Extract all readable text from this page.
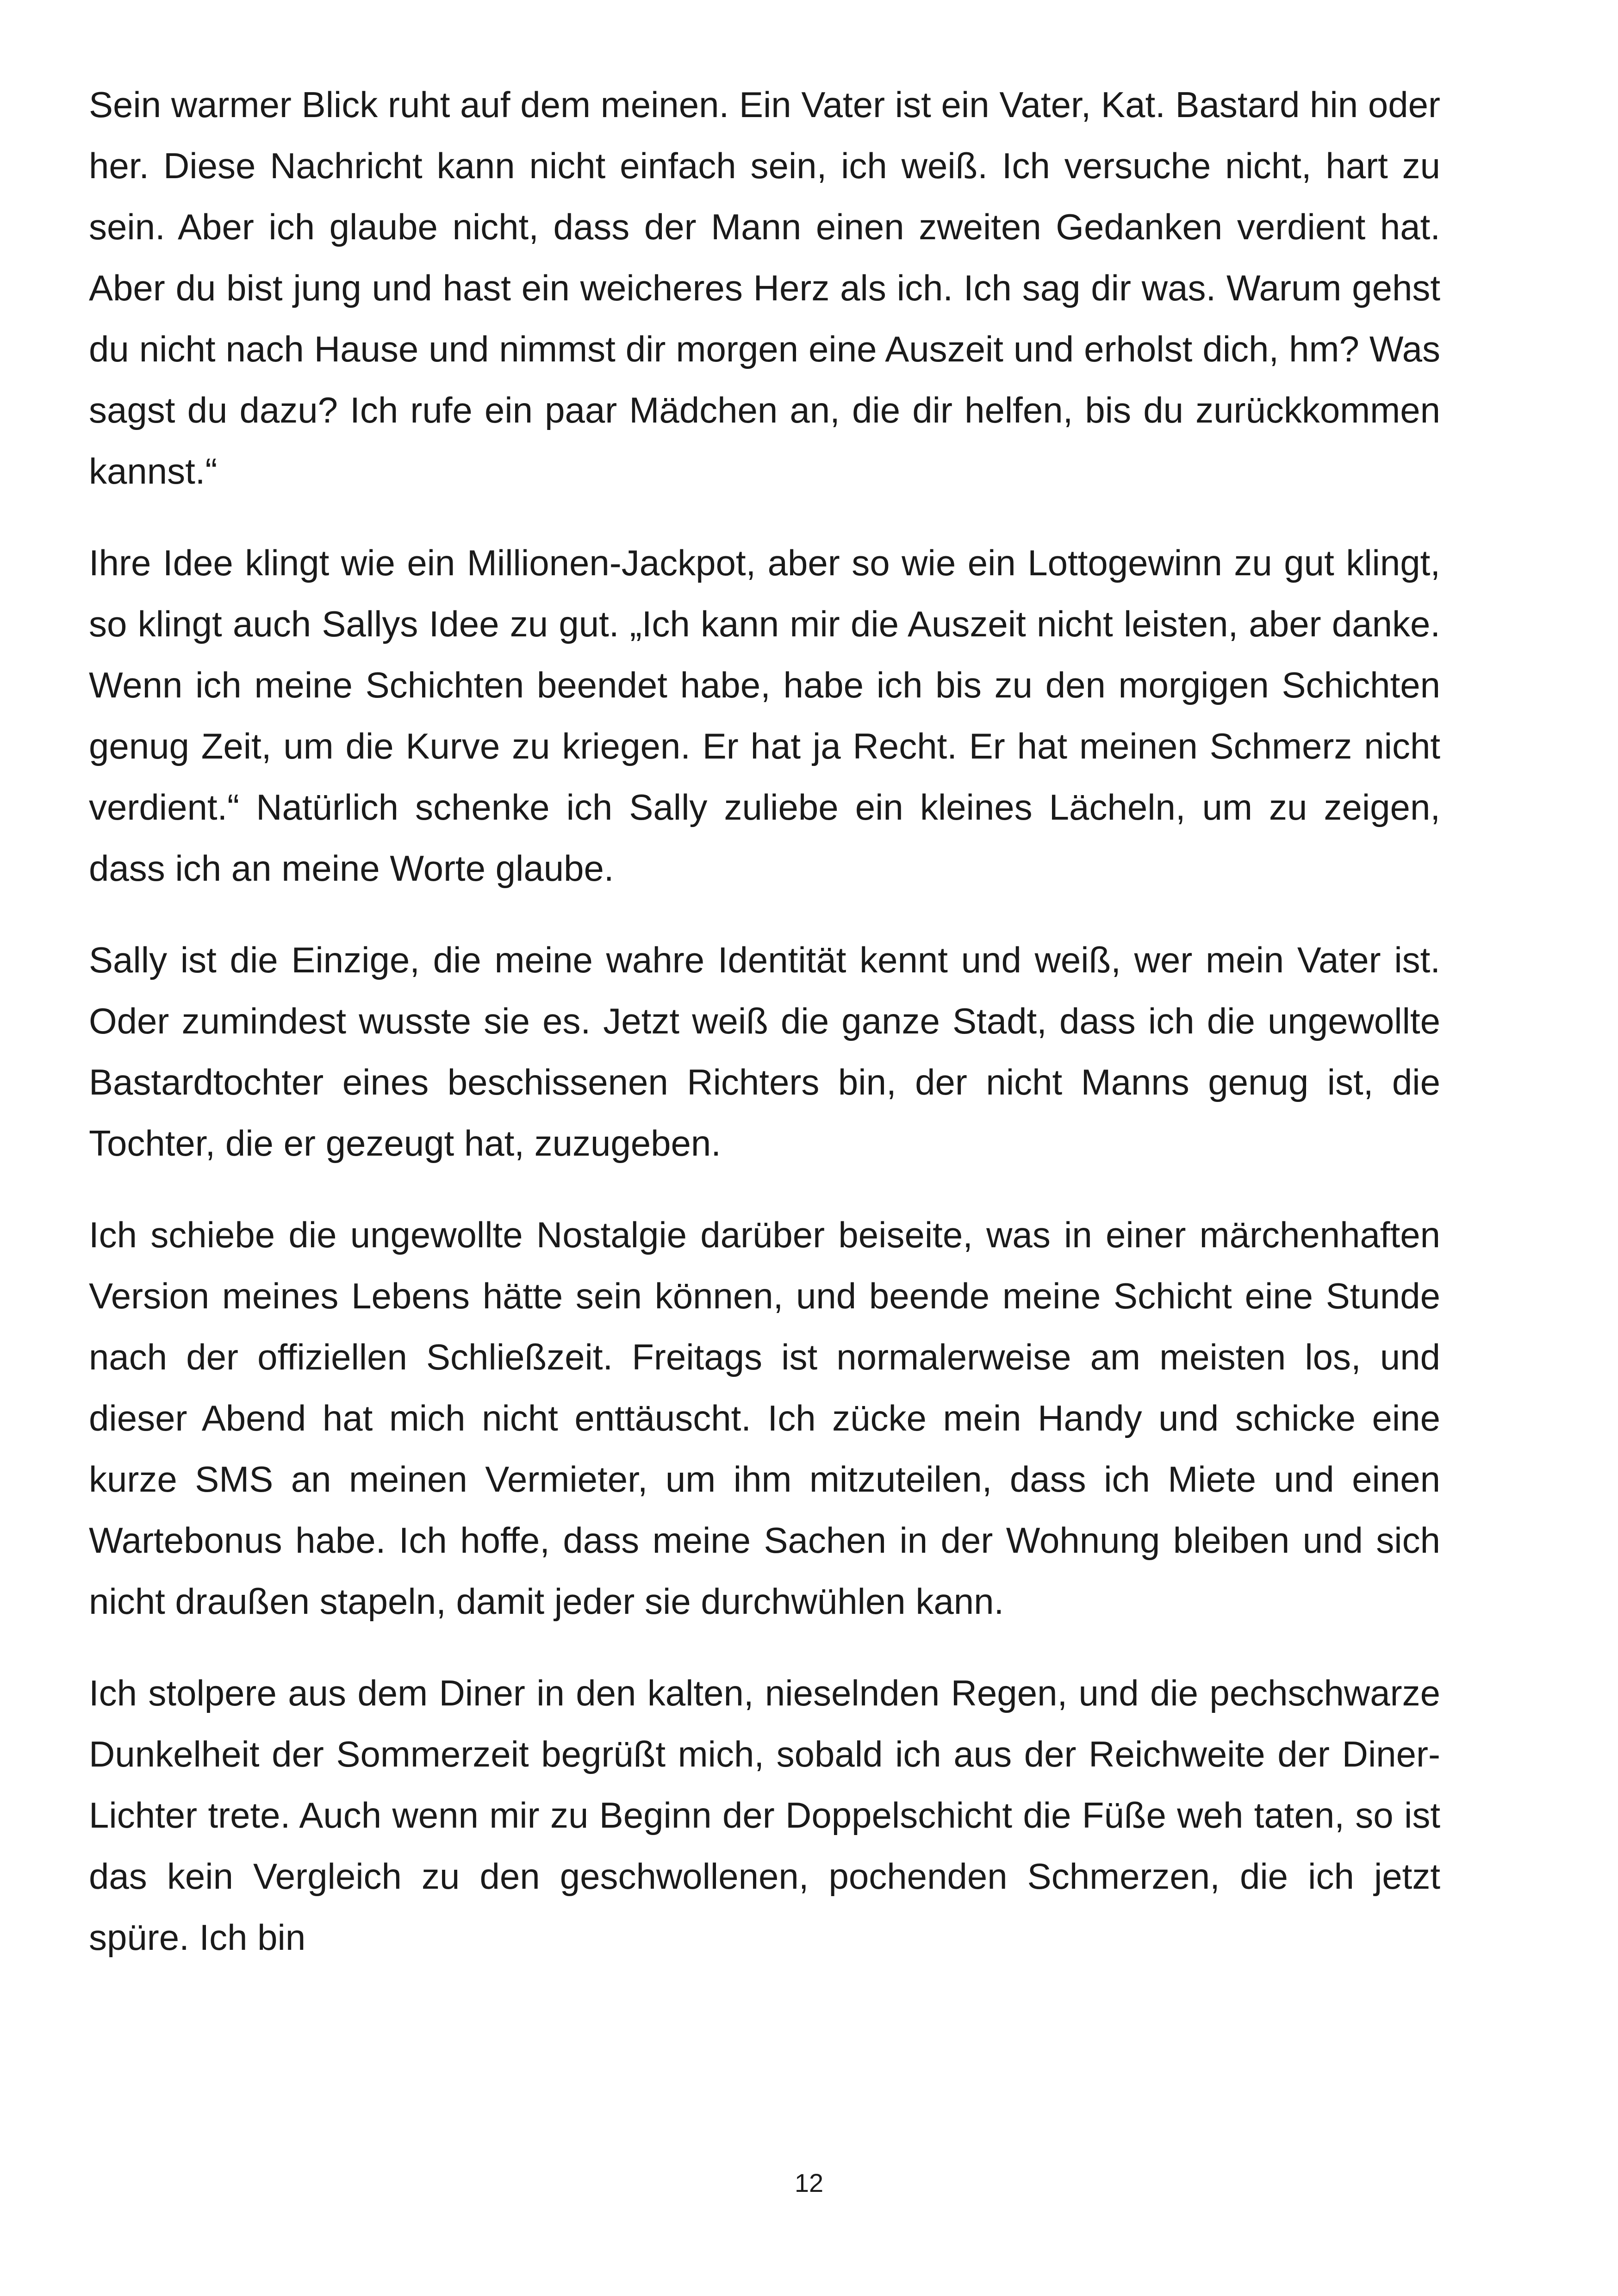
Sein warmer Blick ruht auf dem meinen. Ein Vater ist ein Vater, Kat. Bastard hin oder her. Diese Nachricht kann nicht einfach sein, ich weiß. Ich versuche nicht, hart zu sein. Aber ich glaube nicht, dass der Mann einen zweiten Gedanken verdient hat. Aber du bist jung und hast ein weicheres Herz als ich. Ich sag dir was. Warum gehst du nicht nach Hause und nimmst dir morgen eine Auszeit und erholst dich, hm? Was sagst du dazu? Ich rufe ein paar Mädchen an, die dir helfen, bis du zurückkommen kannst.“

Ihre Idee klingt wie ein Millionen-Jackpot, aber so wie ein Lottogewinn zu gut klingt, so klingt auch Sallys Idee zu gut. „Ich kann mir die Auszeit nicht leisten, aber danke. Wenn ich meine Schichten beendet habe, habe ich bis zu den morgigen Schichten genug Zeit, um die Kurve zu kriegen. Er hat ja Recht. Er hat meinen Schmerz nicht verdient.“ Natürlich schenke ich Sally zuliebe ein kleines Lächeln, um zu zeigen, dass ich an meine Worte glaube.

Sally ist die Einzige, die meine wahre Identität kennt und weiß, wer mein Vater ist. Oder zumindest wusste sie es. Jetzt weiß die ganze Stadt, dass ich die ungewollte Bastardtochter eines beschissenen Richters bin, der nicht Manns genug ist, die Tochter, die er gezeugt hat, zuzugeben.

Ich schiebe die ungewollte Nostalgie darüber beiseite, was in einer märchenhaften Version meines Lebens hätte sein können, und beende meine Schicht eine Stunde nach der offiziellen Schließzeit. Freitags ist normalerweise am meisten los, und dieser Abend hat mich nicht enttäuscht. Ich zücke mein Handy und schicke eine kurze SMS an meinen Vermieter, um ihm mitzuteilen, dass ich Miete und einen Wartebonus habe. Ich hoffe, dass meine Sachen in der Wohnung bleiben und sich nicht draußen stapeln, damit jeder sie durchwühlen kann.

Ich stolpere aus dem Diner in den kalten, nieselnden Regen, und die pechschwarze Dunkelheit der Sommerzeit begrüßt mich, sobald ich aus der Reichweite der Diner-Lichter trete. Auch wenn mir zu Beginn der Doppelschicht die Füße weh taten, so ist das kein Vergleich zu den geschwollenen, pochenden Schmerzen, die ich jetzt spüre. Ich bin

12
